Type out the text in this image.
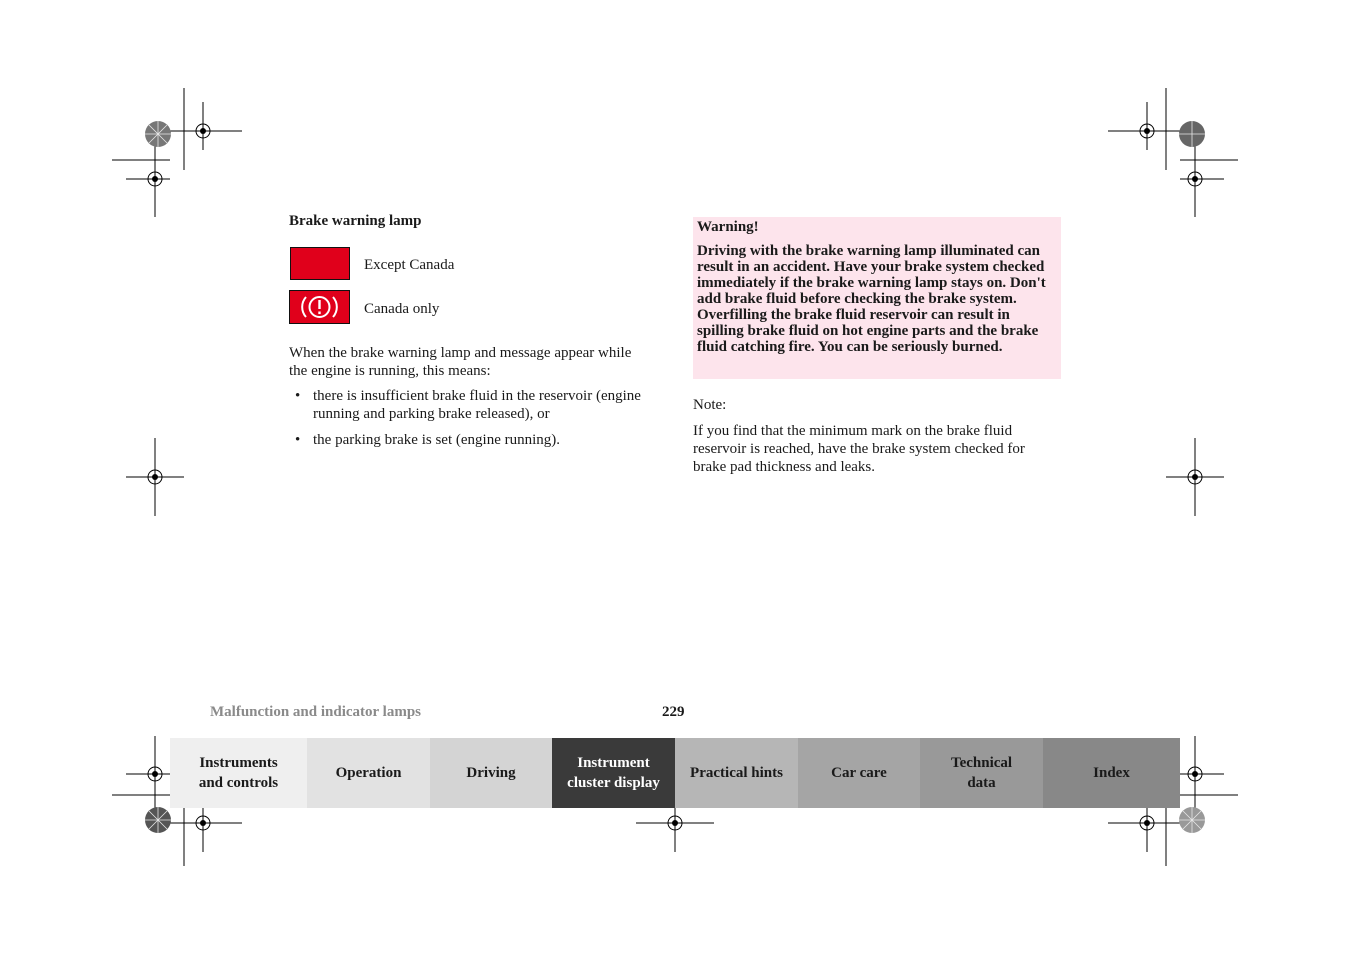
Brake warning lamp
Except Canada
Canada only
When the brake warning lamp and message appear while the engine is running, this means:
• there is insufficient brake fluid in the reservoir (engine running and parking brake released), or
• the parking brake is set (engine running).
Warning!
Driving with the brake warning lamp illuminated can result in an accident. Have your brake system checked immediately if the brake warning lamp stays on. Don't add brake fluid before checking the brake system. Overfilling the brake fluid reservoir can result in spilling brake fluid on hot engine parts and the brake fluid catching fire. You can be seriously burned.
Note:
If you find that the minimum mark on the brake fluid reservoir is reached, have the brake system checked for brake pad thickness and leaks.
Malfunction and indicator lamps	229
Instruments and controls
Operation	Driving
Instrument cluster display
Practical hints	Car care
Technical data
Index
